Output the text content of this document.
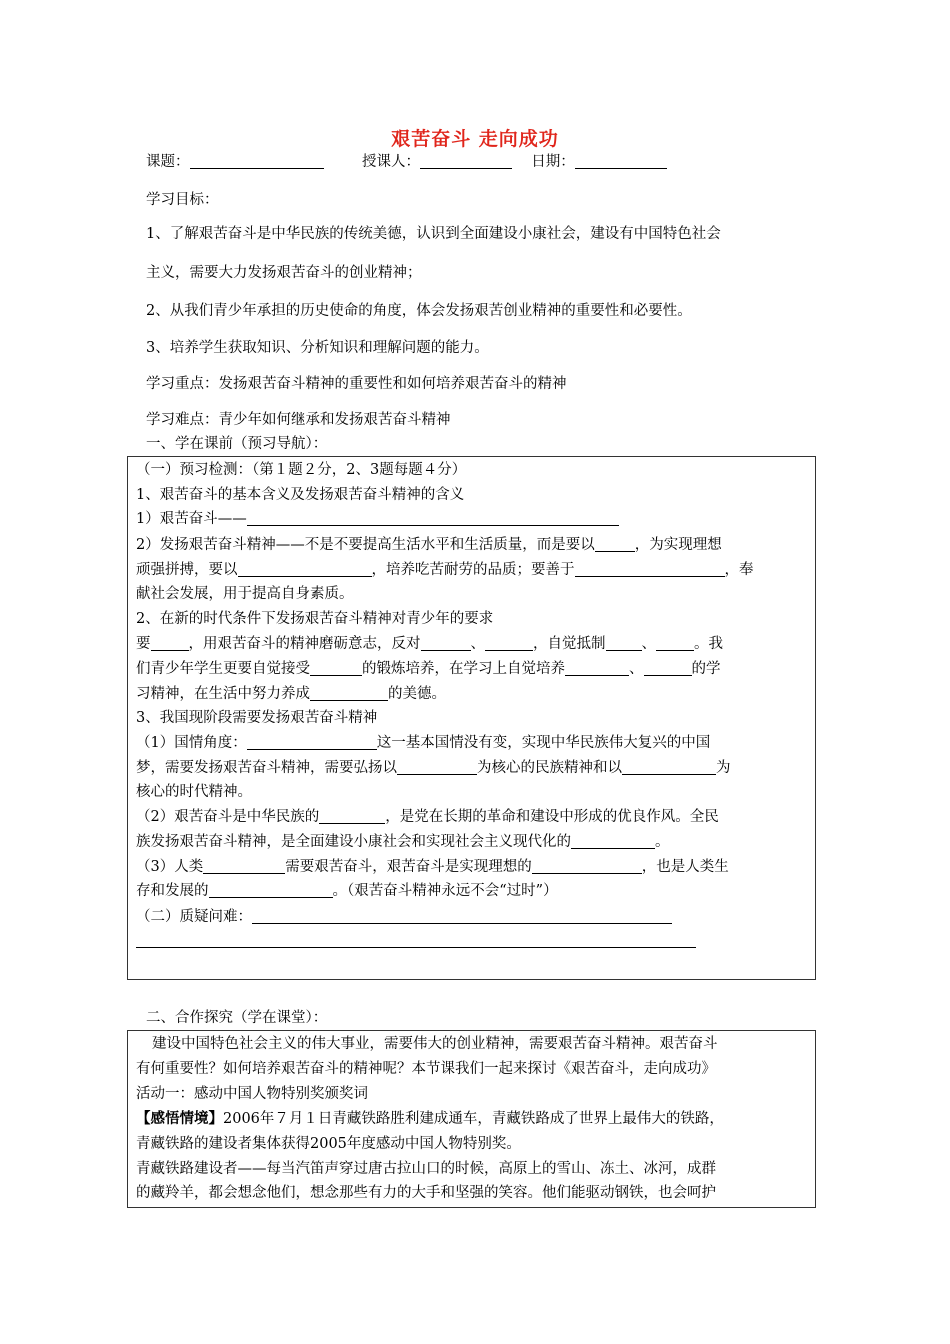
艰苦奋斗 走向成功
课题：	授课人：	日期：
学习目标：
1、了解艰苦奋斗是中华民族的传统美德，认识到全面建设小康社会，建设有中国特色社会
主义，需要大力发扬艰苦奋斗的创业精神；
2、从我们青少年承担的历史使命的角度，体会发扬艰苦创业精神的重要性和必要性。
3、培养学生获取知识、分析知识和理解问题的能力。
学习重点：发扬艰苦奋斗精神的重要性和如何培养艰苦奋斗的精神
学习难点：青少年如何继承和发扬艰苦奋斗精神
一、学在课前（预习导航）：
（一）预习检测：（第１题２分，2、3题每题４分）
1、艰苦奋斗的基本含义及发扬艰苦奋斗精神的含义
1）艰苦奋斗——
2）发扬艰苦奋斗精神——不是不要提高生活水平和生活质量，而是要以	，为实现理想
顽强拼搏，要以	，培养吃苦耐劳的品质；要善于	，奉
献社会发展，用于提高自身素质。
2、在新的时代条件下发扬艰苦奋斗精神对青少年的要求
要	，用艰苦奋斗的精神磨砺意志，反对	、	，自觉抵制 、	。我
们青少年学生更要自觉接受	的锻炼培养，在学习上自觉培养	、	的学
习精神，在生活中努力养成	的美德。
3、我国现阶段需要发扬艰苦奋斗精神
（1）国情角度：	这一基本国情没有变，实现中华民族伟大复兴的中国
梦，需要发扬艰苦奋斗精神，需要弘扬以	为核心的民族精神和以	为
核心的时代精神。
（2）艰苦奋斗是中华民族的	，是党在长期的革命和建设中形成的优良作风。全民
族发扬艰苦奋斗精神，是全面建设小康社会和实现社会主义现代化的	。
（3）人类	需要艰苦奋斗，艰苦奋斗是实现理想的	，也是人类生
存和发展的	。（艰苦奋斗精神永远不会“过时”）
（二）质疑问难：
二、合作探究（学在课堂）：
建设中国特色社会主义的伟大事业，需要伟大的创业精神，需要艰苦奋斗精神。艰苦奋斗
有何重要性？如何培养艰苦奋斗的精神呢？本节课我们一起来探讨《艰苦奋斗，走向成功》
活动一：感动中国人物特别奖颁奖词
【感悟情境】2006年７月１日青藏铁路胜利建成通车，青藏铁路成了世界上最伟大的铁路，
青藏铁路的建设者集体获得2005年度感动中国人物特别奖。
青藏铁路建设者——每当汽笛声穿过唐古拉山口的时候，高原上的雪山、冻土、冰河，成群
的藏羚羊，都会想念他们，想念那些有力的大手和坚强的笑容。他们能驱动钢铁，也会呵护
